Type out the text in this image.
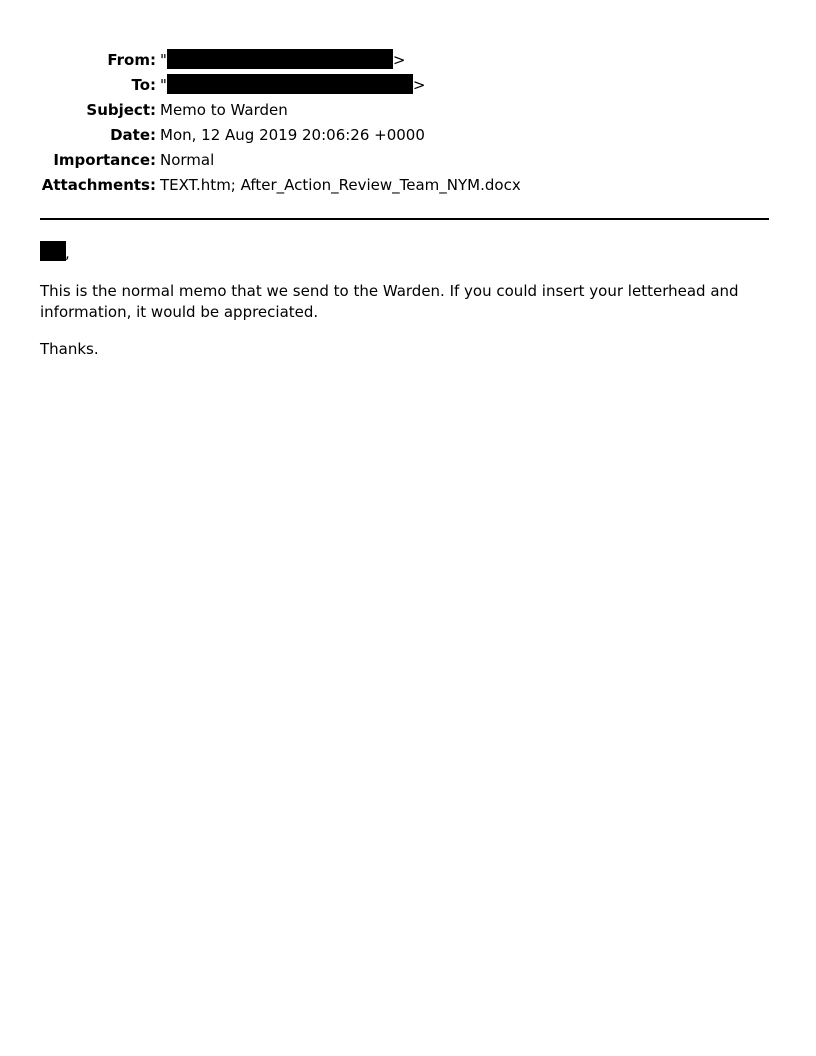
From: "	>
To: "	>
Subject: Memo to Warden
Date: Mon, 12 Aug 2019 20:06:26 +0000
Importance: Normal
Attachments: TEXT.htm; After_Action_Review_Team_NYM.docx
,
This is the normal memo that we send to the Warden. If you could insert your letterhead and information, it would be appreciated.
Thanks.
